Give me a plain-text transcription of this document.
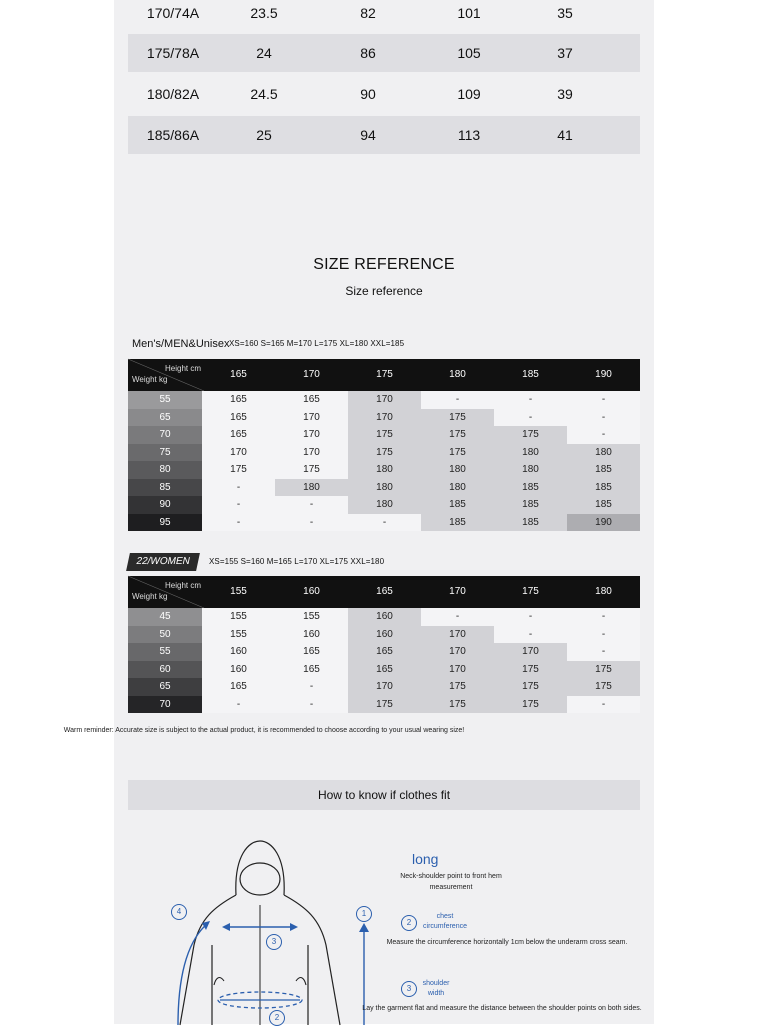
170/74A	23.5	82	101	35
175/78A	24	86	105	37
180/82A	24.5	90	109	39
185/86A	25	94	113	41
SIZE REFERENCE
Size reference
Men's/MEN&Unisex XS=160 S=165 M=170 L=175 XL=180 XXL=185
Height cm
Weight kg	165	170	175	180	185	190
55	165	165	170	-	-	-
65	165	170	170	175	-	-
70	165	170	175	175	175	-
75	170	170	175	175	180	180
80	175	175	180	180	180	185
85	-	180	180	180	185	185
90	-	-	180	185	185	185
95	-	-	-	185	185	190
22/WOMEN	XS=155 S=160 M=165 L=170 XL=175 XXL=180
Height cm
Weight kg	155	160	165	170	175	180
45	155	155	160	-	-	-
50	155	160	160	170	-	-
55	160	165	165	170	170	-
60	160	165	165	170	175	175
65	165	-	170	175	175	175
70	-	-	175	175	175	-
Warm reminder: Accurate size is subject to the actual product, it is recommended to choose according to your usual wearing size!
How to know if clothes fit
4	1
3
2
long
Neck-shoulder point to front hem measurement
2
chest circumference
Measure the circumference horizontally 1cm below the underarm cross seam.
3
shoulder width
Lay the garment flat and measure the distance between the shoulder points on both sides.
